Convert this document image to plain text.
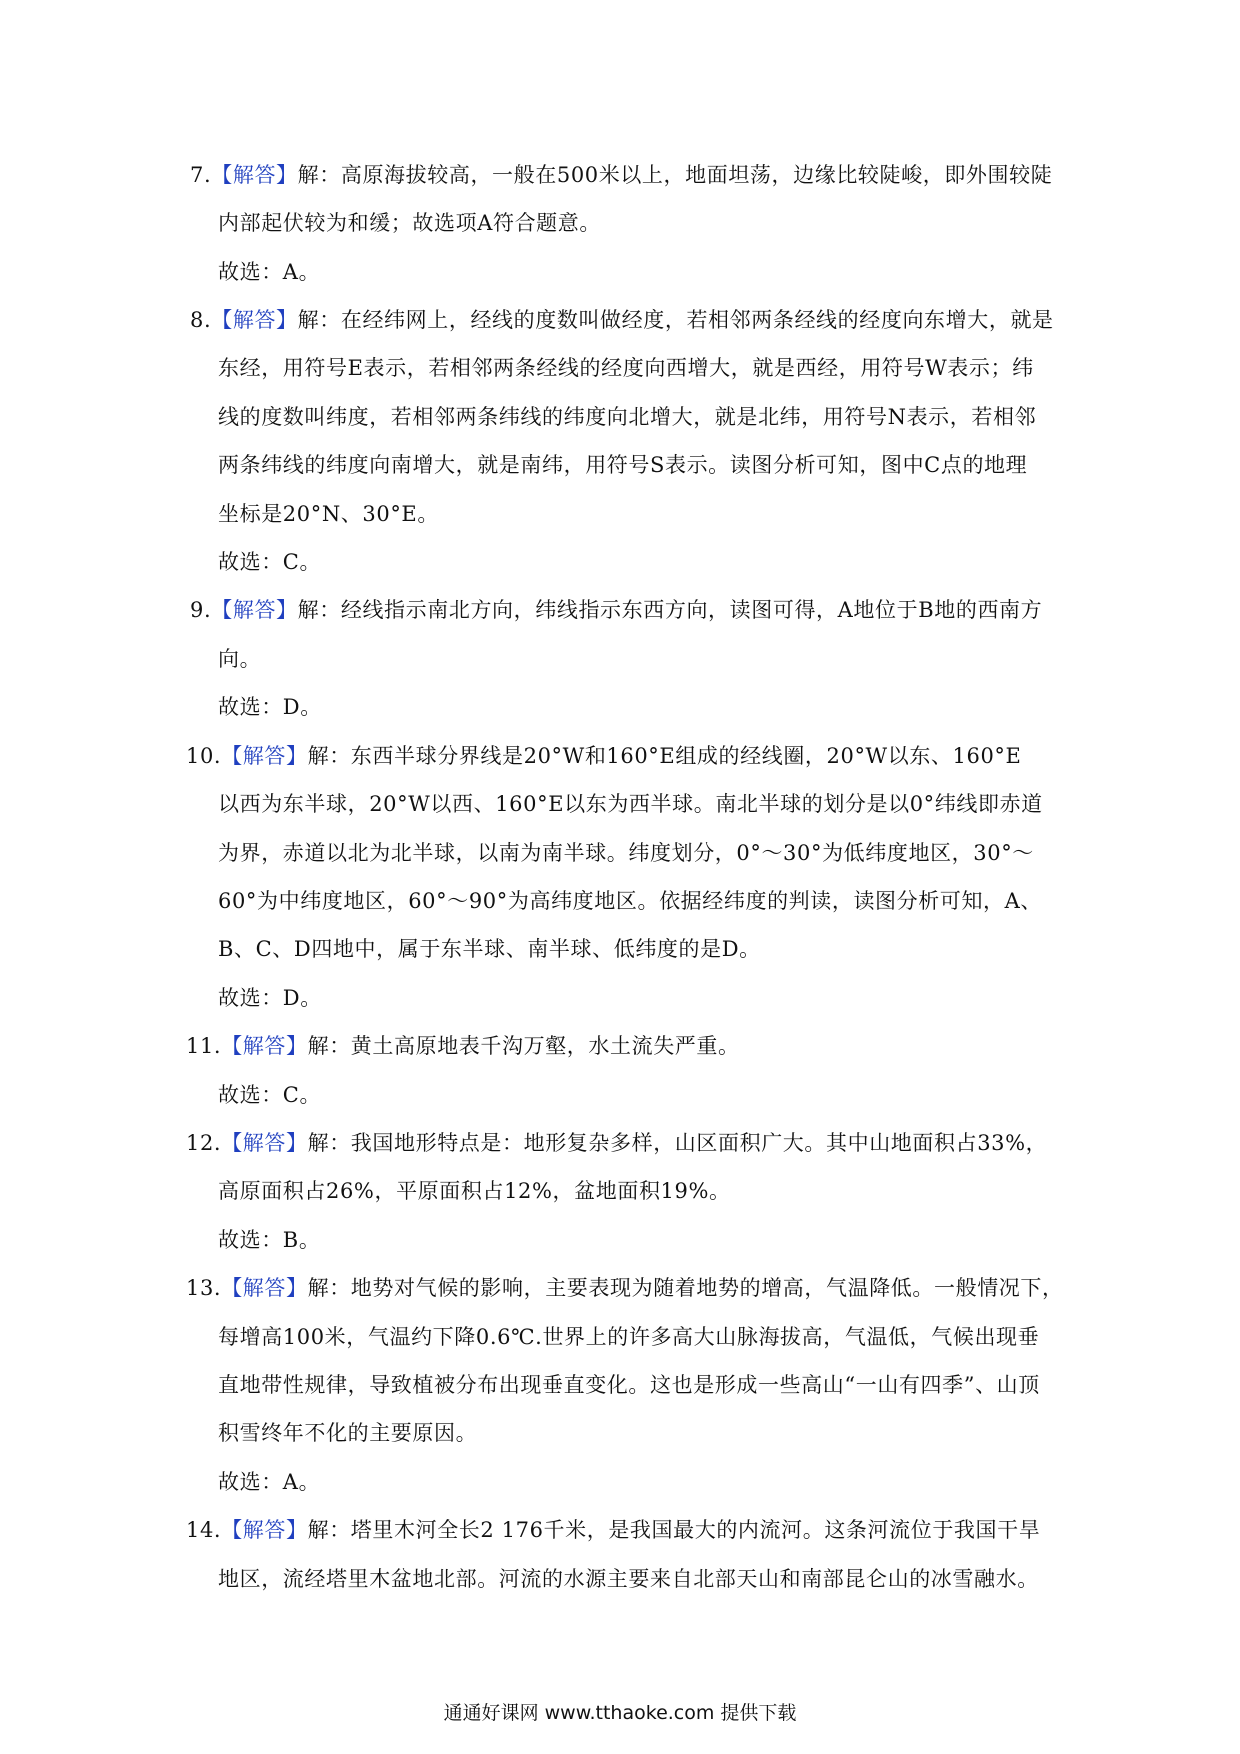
7.【解答】解：高原海拔较高，一般在500米以上，地面坦荡，边缘比较陡峻，即外围较陡
内部起伏较为和缓；故选项A符合题意。
故选：A。
8.【解答】解：在经纬网上，经线的度数叫做经度，若相邻两条经线的经度向东增大，就是
东经，用符号E表示，若相邻两条经线的经度向西增大，就是西经，用符号W表示；纬
线的度数叫纬度，若相邻两条纬线的纬度向北增大，就是北纬，用符号N表示，若相邻
两条纬线的纬度向南增大，就是南纬，用符号S表示。读图分析可知，图中C点的地理
坐标是20°N、30°E。
故选：C。
9.【解答】解：经线指示南北方向，纬线指示东西方向，读图可得，A地位于B地的西南方
向。
故选：D。
10.【解答】解：东西半球分界线是20°W和160°E组成的经线圈，20°W以东、160°E
以西为东半球，20°W以西、160°E以东为西半球。南北半球的划分是以0°纬线即赤道
为界，赤道以北为北半球，以南为南半球。纬度划分，0°～30°为低纬度地区，30°～
60°为中纬度地区，60°～90°为高纬度地区。依据经纬度的判读，读图分析可知，A、
B、C、D四地中，属于东半球、南半球、低纬度的是D。
故选：D。
11.【解答】解：黄土高原地表千沟万壑，水土流失严重。
故选：C。
12.【解答】解：我国地形特点是：地形复杂多样，山区面积广大。其中山地面积占33%，
高原面积占26%，平原面积占12%，盆地面积19%。
故选：B。
13.【解答】解：地势对气候的影响，主要表现为随着地势的增高，气温降低。一般情况下，
每增高100米，气温约下降0.6℃.世界上的许多高大山脉海拔高，气温低，气候出现垂
直地带性规律，导致植被分布出现垂直变化。这也是形成一些高山“一山有四季”、山顶
积雪终年不化的主要原因。
故选：A。
14.【解答】解：塔里木河全长2 176千米，是我国最大的内流河。这条河流位于我国干旱
地区，流经塔里木盆地北部。河流的水源主要来自北部天山和南部昆仑山的冰雪融水。
通通好课网 www.tthaoke.com 提供下载
